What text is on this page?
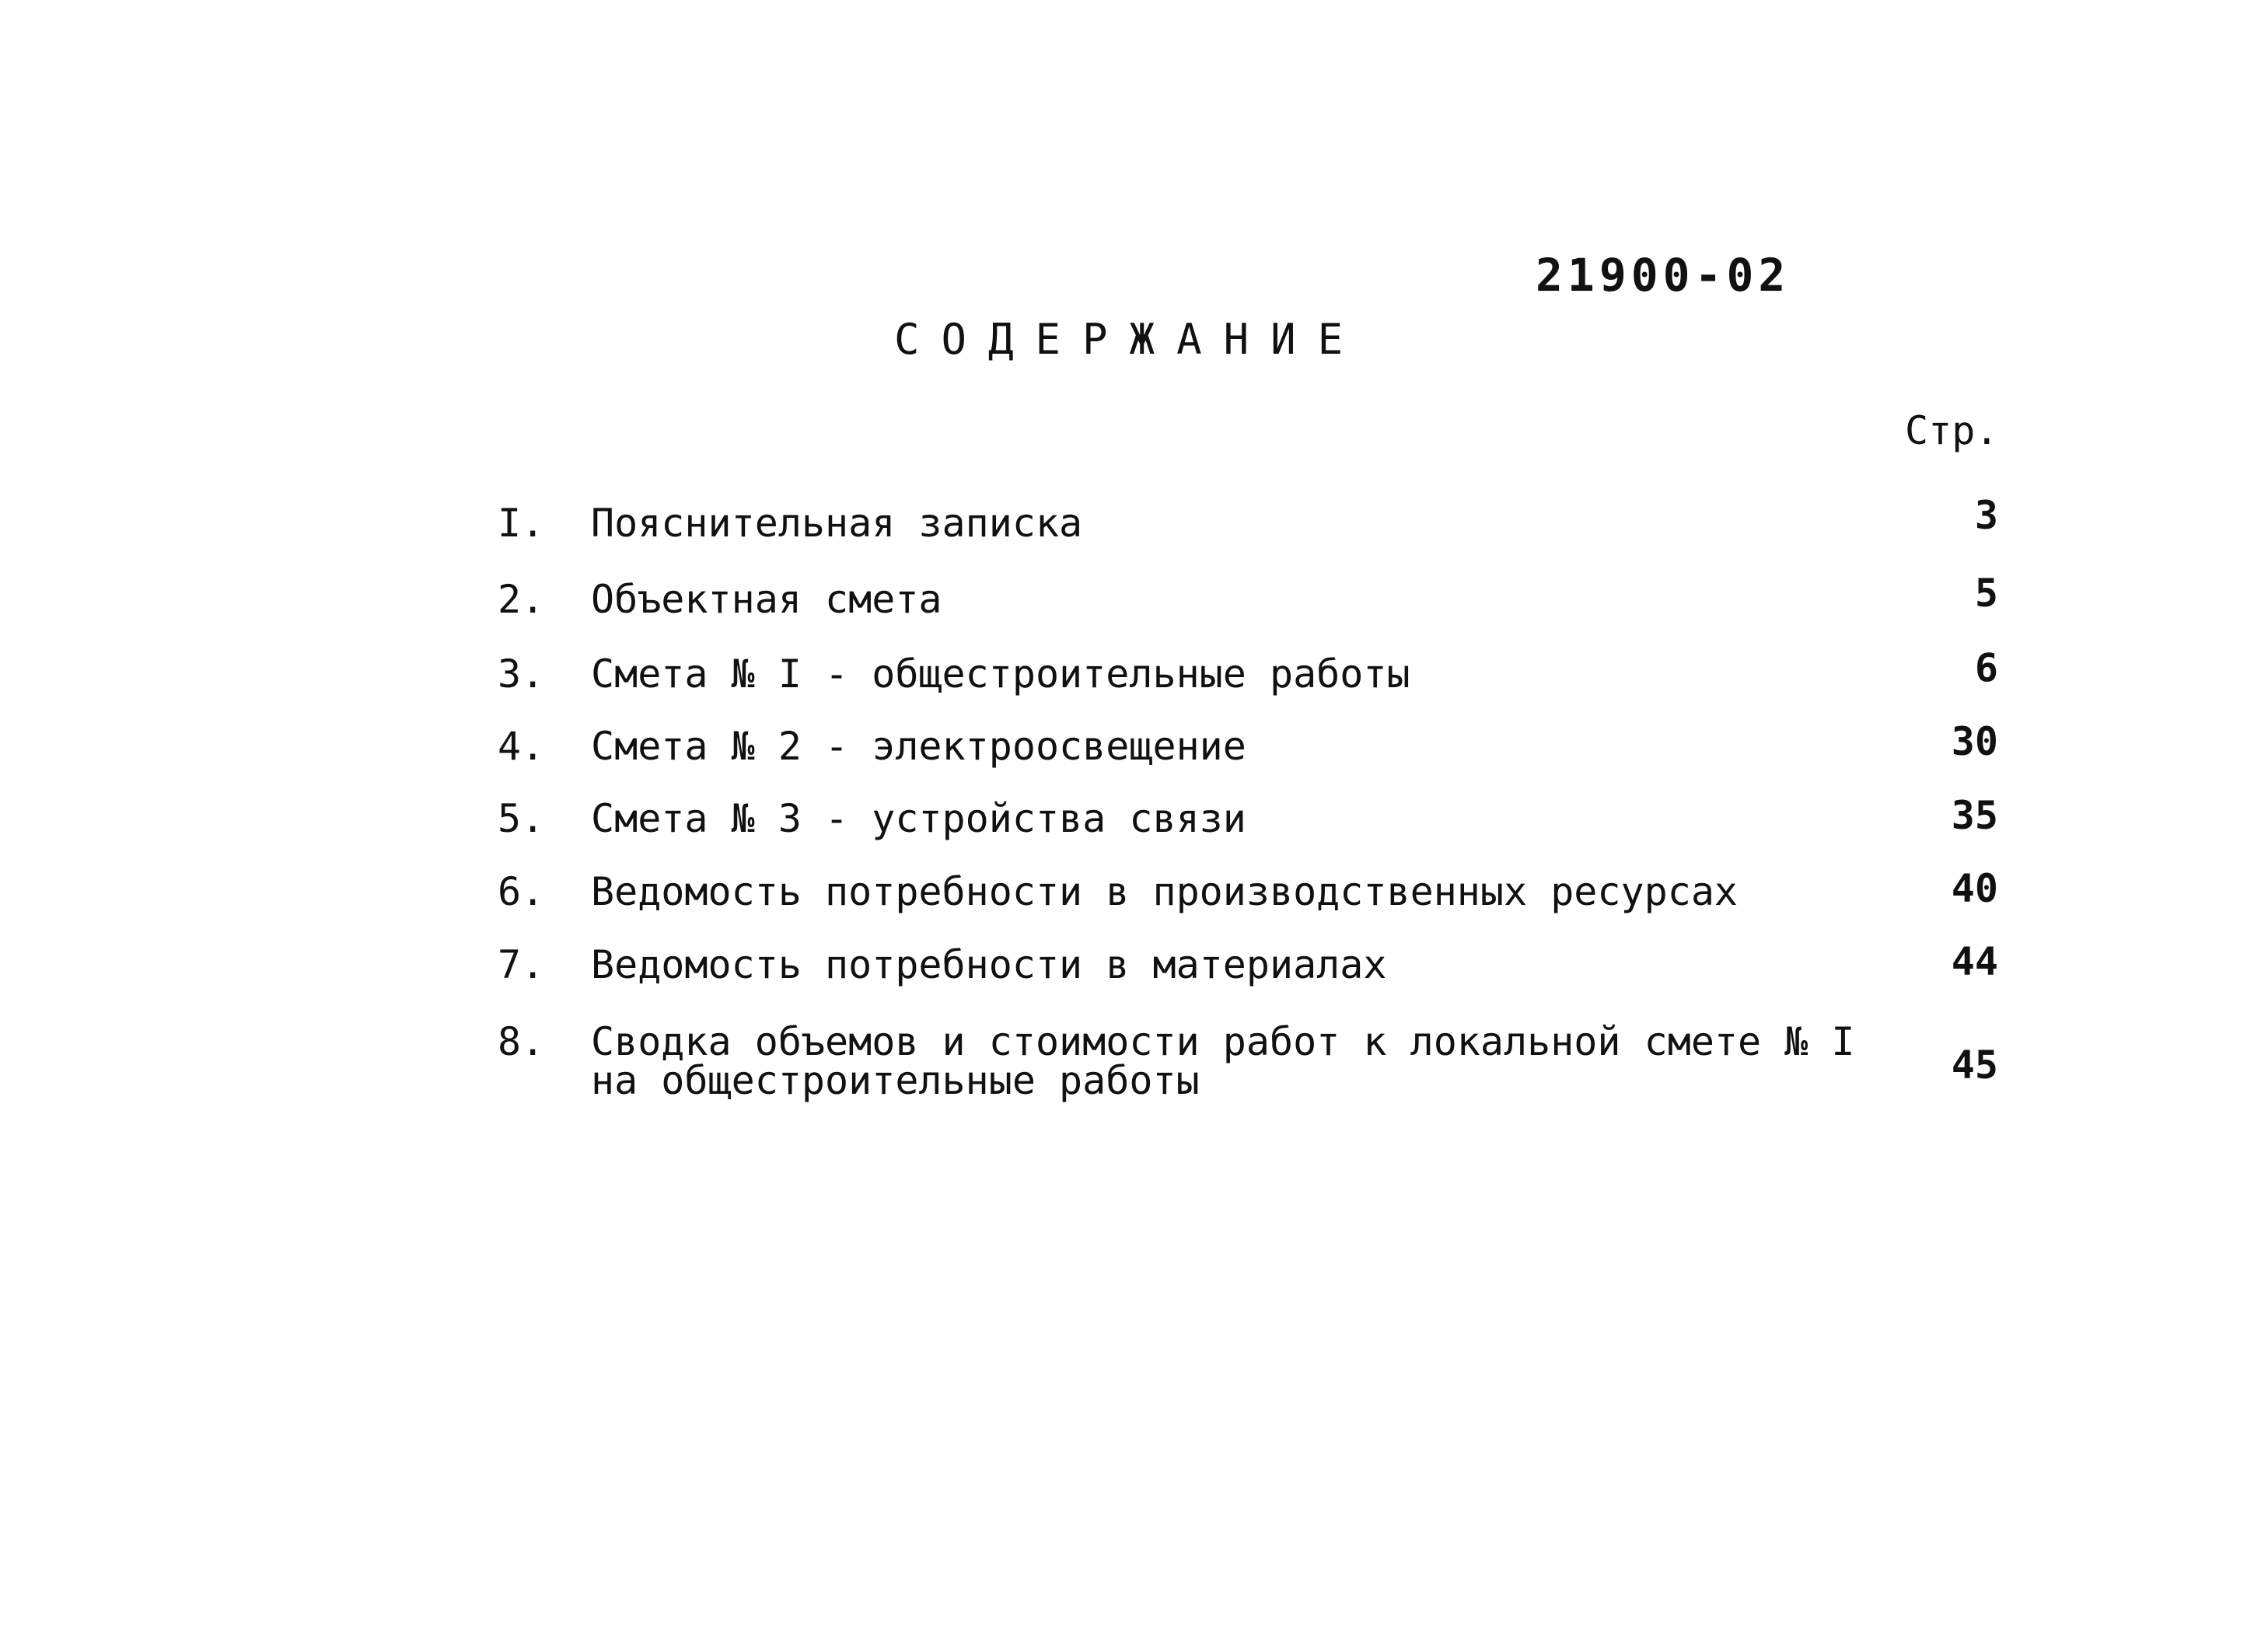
21900-02
СОДЕРЖАНИЕ
Стр.
I. Пояснительная записка	3
2. Объектная смета	5
3. Смета № I - общестроительные работы	6
4. Смета № 2 - электроосвещение	30
5. Смета № 3 - устройства связи	35
6. Ведомость потребности в производственных ресурсах	40
7. Ведомость потребности в материалах	44
8. Сводка объемов и стоимости работ к локальной смете № I
на общестроительные работы	45
